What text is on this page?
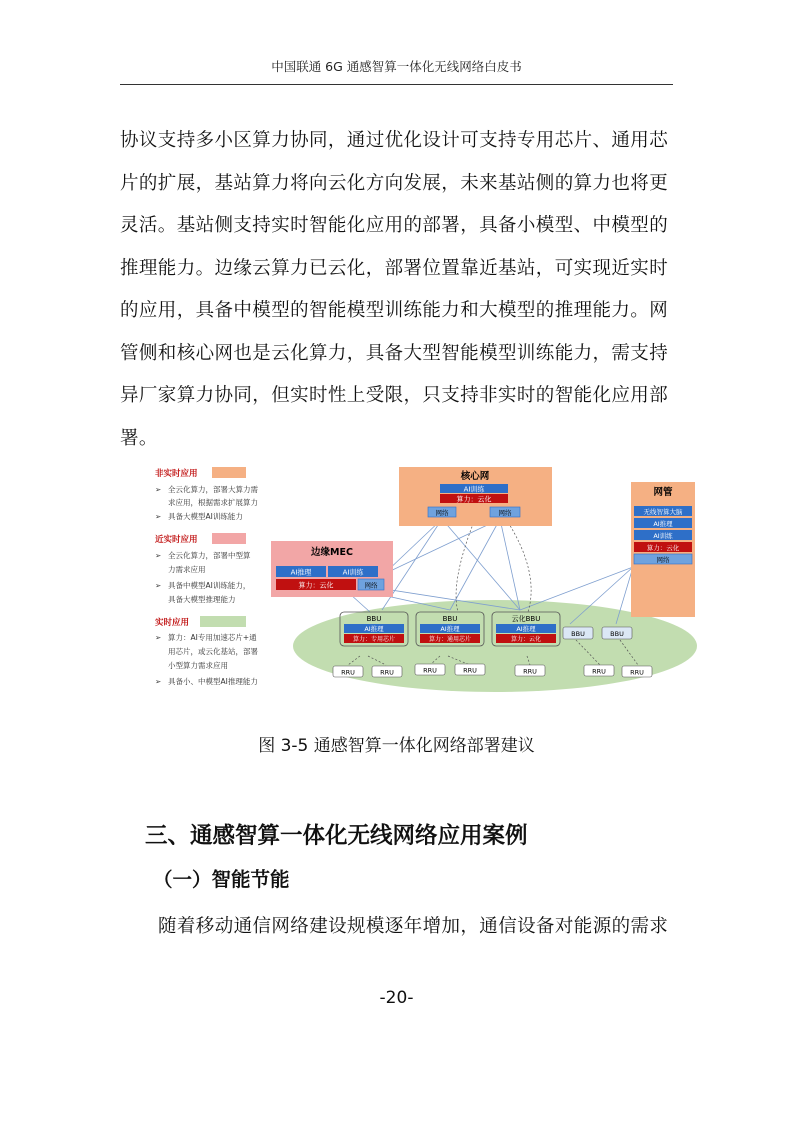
中国联通 6G 通感智算一体化无线网络白皮书

协议支持多小区算力协同，通过优化设计可支持专用芯片、通用芯
片的扩展，基站算力将向云化方向发展，未来基站侧的算力也将更
灵活。基站侧支持实时智能化应用的部署，具备小模型、中模型的
推理能力。边缘云算力已云化，部署位置靠近基站，可实现近实时
的应用，具备中模型的智能模型训练能力和大模型的推理能力。网
管侧和核心网也是云化算力，具备大型智能模型训练能力，需支持
异厂家算力协同，但实时性上受限，只支持非实时的智能化应用部
署。

非实时应用
➢ 全云化算力，部署大算力需
求应用，根据需求扩展算力
➢ 具备大模型AI训练能力
近实时应用
➢ 全云化算力，部署中型算
力需求应用
➢ 具备中模型AI训练能力，
具备大模型推理能力
实时应用
➢ 算力：AI专用加速芯片+通
用芯片，或云化基站，部署
小型算力需求应用
➢ 具备小、中模型AI推理能力
核心网
AI训练
算力：云化
网络	网络
网管
无线智算大脑
AI推理
AI训练
算力：云化
网络
边缘MEC
AI推理	AI训练
算力：云化	网络
BBU
AI推理
算力：专用芯片
BBU
AI推理
算力：通用芯片
云化BBU
AI推理
算力：云化
BBU	BBU
RRU	RRU	RRU	RRU	RRU	RRU	RRU
图 3-5 通感智算一体化网络部署建议
三、通感智算一体化无线网络应用案例
（一）智能节能

随着移动通信网络建设规模逐年增加，通信设备对能源的需求

-20-
